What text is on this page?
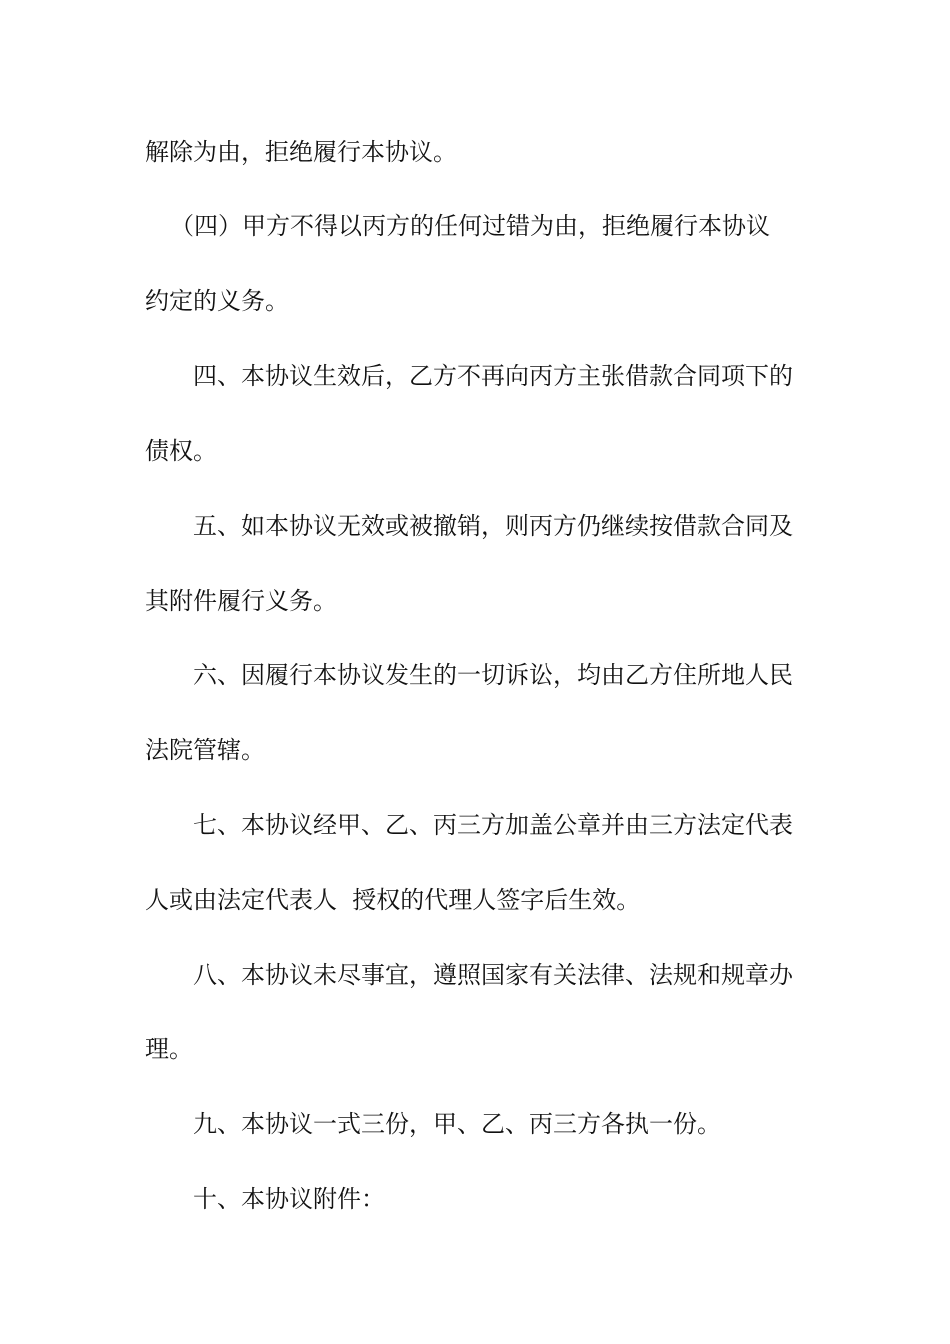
解除为由，拒绝履行本协议。
（四）甲方不得以丙方的任何过错为由，拒绝履行本协议
约定的义务。
四、本协议生效后，乙方不再向丙方主张借款合同项下的
债权。
五、如本协议无效或被撤销，则丙方仍继续按借款合同及
其附件履行义务。
六、因履行本协议发生的一切诉讼，均由乙方住所地人民
法院管辖。
七、本协议经甲、乙、丙三方加盖公章并由三方法定代表
人或由法定代表人  授权的代理人签字后生效。
八、本协议未尽事宜，遵照国家有关法律、法规和规章办
理。
九、本协议一式三份，甲、乙、丙三方各执一份。
十、本协议附件：
